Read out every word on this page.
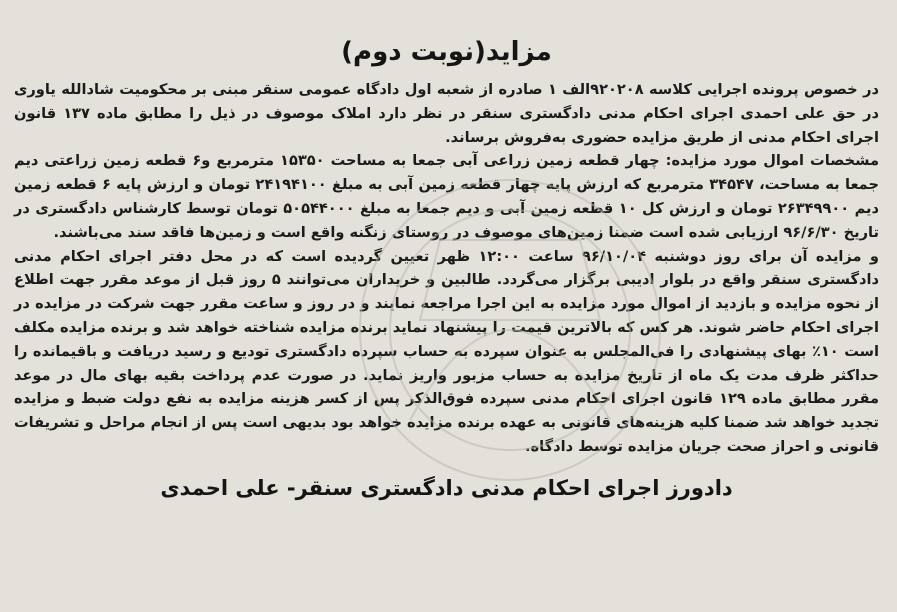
مزاید(نوبت دوم)

در خصوص پرونده اجرایی کلاسه ۹۲۰۲۰۸الف ۱ صادره از شعبه اول دادگاه عمومی سنقر مبنی بر محکومیت شادالله یاوری در حق علی احمدی اجرای احکام مدنی دادگستری سنقر در نظر دارد املاک موصوف در ذیل را مطابق ماده ۱۳۷ قانون اجرای احکام مدنی از طریق مزایده حضوری به‌فروش برساند.

مشخصات اموال مورد مزایده: چهار قطعه زمین زراعی آبی جمعا به مساحت ۱۵۳۵۰ مترمربع و۶ قطعه زمین زراعتی دیم جمعا به مساحت، ۳۴۵۴۷ مترمربع که ارزش پایه چهار قطعه زمین آبی به مبلغ ۲۴۱۹۴۱۰۰ تومان و ارزش پایه ۶ قطعه زمین دیم ۲۶۳۴۹۹۰۰ تومان و ارزش کل ۱۰ قطعه زمین آبی و دیم جمعا به مبلغ ۵۰۵۴۴۰۰۰ تومان توسط کارشناس دادگستری در تاریخ ۹۶/۶/۳۰ ارزیابی شده است ضمنا زمین‌های موصوف در روستای زنگنه واقع است و زمین‌ها فاقد سند می‌باشند.

و مزایده آن برای روز دوشنبه ۹۶/۱۰/۰۴ ساعت ۱۲:۰۰ ظهر تعیین گردیده است که در محل دفتر اجرای احکام مدنی دادگستری سنقر واقع در بلوار ادیبی برگزار می‌گردد. طالبین و خریداران می‌توانند ۵ روز قبل از موعد مقرر جهت اطلاع از نحوه مزایده و بازدید از اموال مورد مزایده به این اجرا مراجعه نمایند و در روز و ساعت مقرر جهت شرکت در مزایده در اجرای احکام حاضر شوند. هر کس که بالاترین قیمت را پیشنهاد نماید برنده مزایده شناخته خواهد شد و برنده مزایده مکلف است ۱۰٪ بهای پیشنهادی را فی‌المجلس به عنوان سپرده به حساب سپرده دادگستری تودیع و رسید دریافت و باقیمانده را حداکثر ظرف مدت یک ماه از تاریخ مزایده به حساب مزبور واریز نماید. در صورت عدم پرداخت بقیه بهای مال در موعد مقرر مطابق ماده ۱۲۹ قانون اجرای احکام مدنی سپرده فوق‌الذکر پس از کسر هزینه مزایده به نفع دولت ضبط و مزایده تجدید خواهد شد ضمنا کلیه هزینه‌های قانونی به عهده برنده مزایده خواهد بود بدیهی است پس از انجام مراحل و تشریفات قانونی و احراز صحت جریان مزایده توسط دادگاه.

دادورز اجرای احکام مدنی دادگستری سنقر- علی احمدی
